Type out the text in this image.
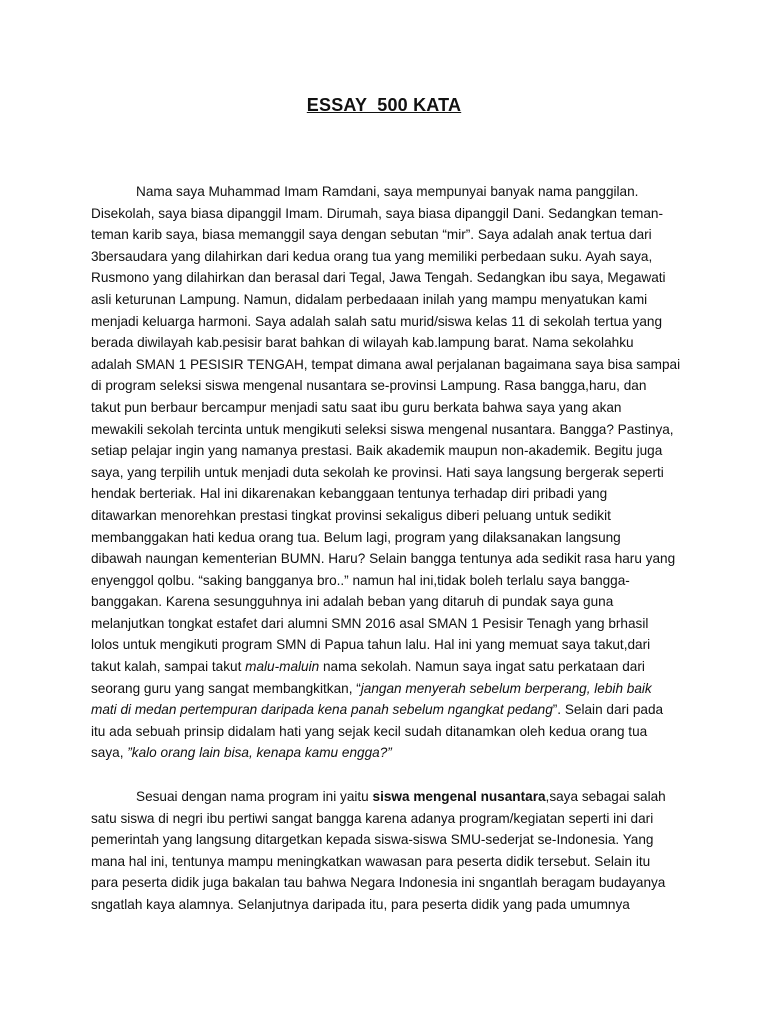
ESSAY  500 KATA
Nama saya Muhammad Imam Ramdani, saya mempunyai banyak nama panggilan.
Disekolah, saya biasa dipanggil Imam. Dirumah, saya biasa dipanggil Dani. Sedangkan teman-
teman karib saya, biasa memanggil saya dengan sebutan “mir”. Saya adalah anak tertua dari
3bersaudara yang dilahirkan dari kedua orang tua yang memiliki perbedaan suku. Ayah saya,
Rusmono yang dilahirkan dan berasal dari Tegal, Jawa Tengah. Sedangkan ibu saya, Megawati
asli keturunan Lampung. Namun, didalam perbedaaan inilah yang mampu menyatukan kami
menjadi keluarga harmoni. Saya adalah salah satu murid/siswa kelas 11 di sekolah tertua yang
berada diwilayah kab.pesisir barat bahkan di wilayah kab.lampung barat. Nama sekolahku
adalah SMAN 1 PESISIR TENGAH, tempat dimana awal perjalanan bagaimana saya bisa sampai
di program seleksi siswa mengenal nusantara se-provinsi Lampung. Rasa bangga,haru, dan
takut pun berbaur bercampur menjadi satu saat ibu guru berkata bahwa saya yang akan
mewakili sekolah tercinta untuk mengikuti seleksi siswa mengenal nusantara. Bangga? Pastinya,
setiap pelajar ingin yang namanya prestasi. Baik akademik maupun non-akademik. Begitu juga
saya, yang terpilih untuk menjadi duta sekolah ke provinsi. Hati saya langsung bergerak seperti
hendak berteriak. Hal ini dikarenakan kebanggaan tentunya terhadap diri pribadi yang
ditawarkan menorehkan prestasi tingkat provinsi sekaligus diberi peluang untuk sedikit
membanggakan hati kedua orang tua. Belum lagi, program yang dilaksanakan langsung
dibawah naungan kementerian BUMN. Haru? Selain bangga tentunya ada sedikit rasa haru yang
enyenggol qolbu. “saking bangganya bro..” namun hal ini,tidak boleh terlalu saya bangga-
banggakan. Karena sesungguhnya ini adalah beban yang ditaruh di pundak saya guna
melanjutkan tongkat estafet dari alumni SMN 2016 asal SMAN 1 Pesisir Tenagh yang brhasil
lolos untuk mengikuti program SMN di Papua tahun lalu. Hal ini yang memuat saya takut,dari
takut kalah, sampai takut malu-maluin nama sekolah. Namun saya ingat satu perkataan dari
seorang guru yang sangat membangkitkan, “jangan menyerah sebelum berperang, lebih baik
mati di medan pertempuran daripada kena panah sebelum ngangkat pedang”. Selain dari pada
itu ada sebuah prinsip didalam hati yang sejak kecil sudah ditanamkan oleh kedua orang tua
saya, ”kalo orang lain bisa, kenapa kamu engga?”
Sesuai dengan nama program ini yaitu siswa mengenal nusantara,saya sebagai salah
satu siswa di negri ibu pertiwi sangat bangga karena adanya program/kegiatan seperti ini dari
pemerintah yang langsung ditargetkan kepada siswa-siswa SMU-sederjat se-Indonesia. Yang
mana hal ini, tentunya mampu meningkatkan wawasan para peserta didik tersebut. Selain itu
para peserta didik juga bakalan tau bahwa Negara Indonesia ini sngantlah beragam budayanya
sngatlah kaya alamnya. Selanjutnya daripada itu, para peserta didik yang pada umumnya
